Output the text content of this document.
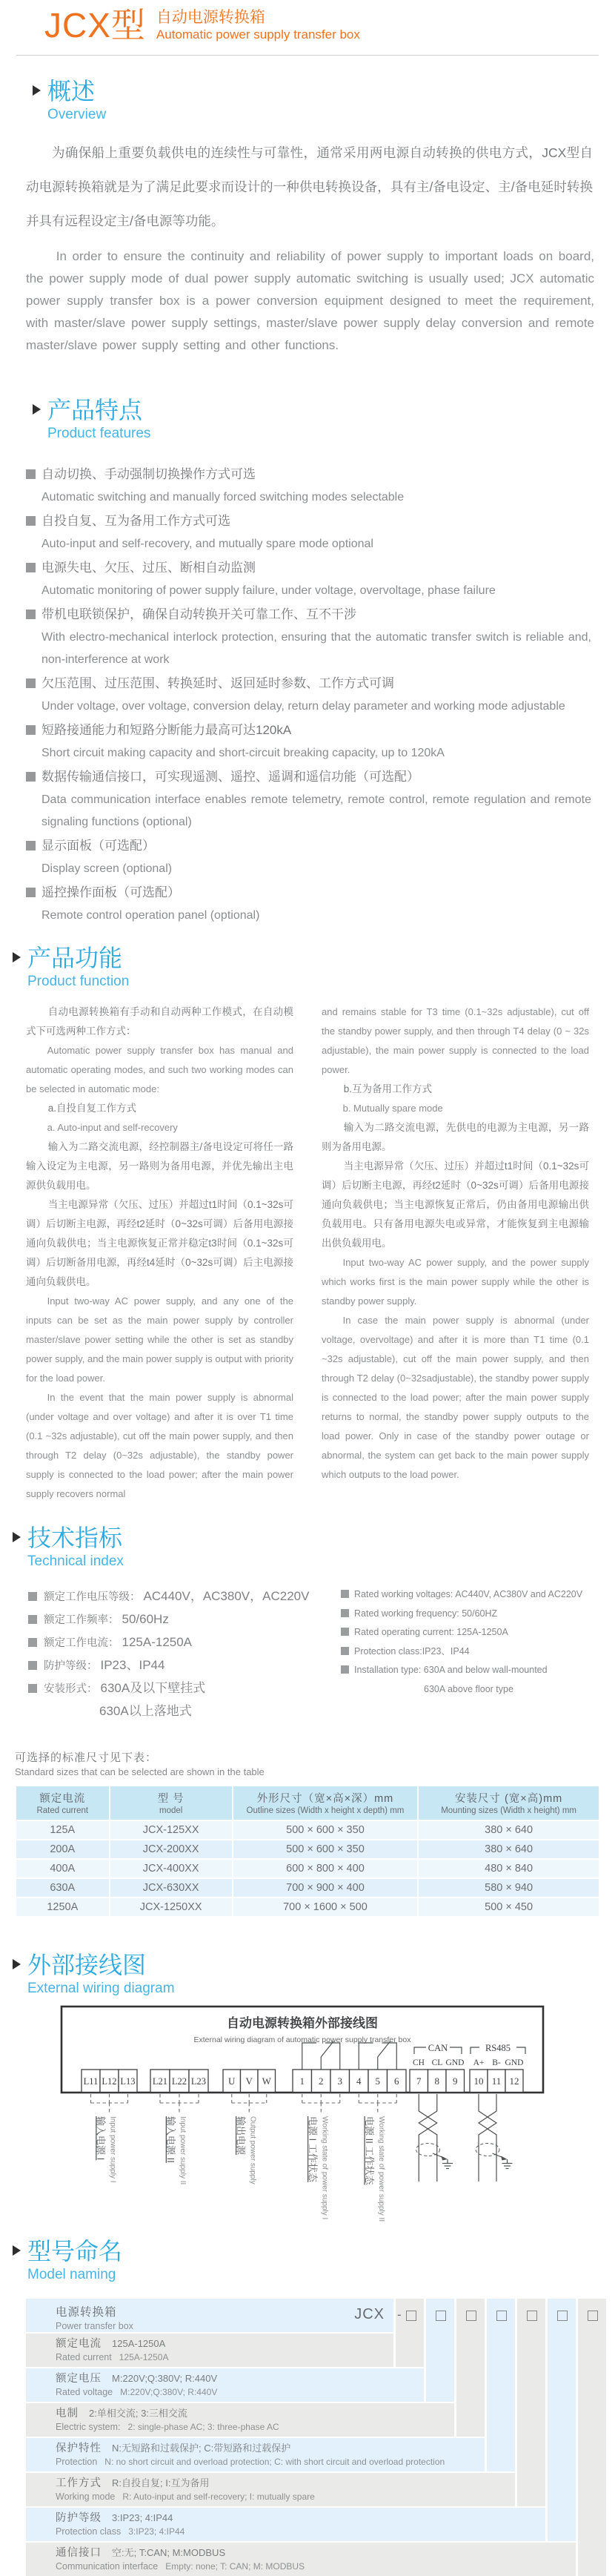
JCX型 自动电源转换箱
Automatic power supply transfer box
概述
Overview

为确保船上重要负载供电的连续性与可靠性，通常采用两电源自动转换的供电方式，JCX型自动电源转换箱就是为了满足此要求而设计的一种供电转换设备，具有主/备电设定、主/备电延时转换并具有远程设定主/备电源等功能。

In order to ensure the continuity and reliability of power supply to important loads on board, the power supply mode of dual power supply automatic switching is usually used; JCX automatic power supply transfer box is a power conversion equipment designed to meet the requirement, with master/slave power supply settings, master/slave power supply delay conversion and remote master/slave power supply setting and other functions.

产品特点
Product features
自动切换、手动强制切换操作方式可选
Automatic switching and manually forced switching modes selectable
自投自复、互为备用工作方式可选
Auto-input and self-recovery, and mutually spare mode optional
电源失电、欠压、过压、断相自动监测
Automatic monitoring of power supply failure, under voltage, overvoltage, phase failure
带机电联锁保护，确保自动转换开关可靠工作、互不干涉
With electro-mechanical interlock protection, ensuring that the automatic transfer switch is reliable and, non-interference at work
欠压范围、过压范围、转换延时、返回延时参数、工作方式可调
Under voltage, over voltage, conversion delay, return delay parameter and working mode adjustable
短路接通能力和短路分断能力最高可达120kA
Short circuit making capacity and short-circuit breaking capacity, up to 120kA
数据传输通信接口，可实现遥测、遥控、遥调和遥信功能（可选配）
Data communication interface enables remote telemetry, remote control, remote regulation and remote signaling functions (optional)
显示面板（可选配）
Display screen (optional)
遥控操作面板（可选配）
Remote control operation panel (optional)
产品功能
Product function

自动电源转换箱有手动和自动两种工作模式，在自动模式下可选两种工作方式：

Automatic power supply transfer box has manual and automatic operating modes, and such two working modes can be selected in automatic mode:

a.自投自复工作方式

a. Auto-input and self-recovery

输入为二路交流电源，经控制器主/备电设定可将任一路输入设定为主电源，另一路则为备用电源，并优先输出主电源供负载用电。

当主电源异常（欠压、过压）并超过t1时间（0.1~32s可调）后切断主电源，再经t2延时（0~32s可调）后备用电源接通向负载供电；当主电源恢复正常并稳定t3时间（0.1~32s可调）后切断备用电源，再经t4延时（0~32s可调）后主电源接通向负载供电。

Input two-way AC power supply, and any one of the inputs can be set as the main power supply by controller master/slave power setting while the other is set as standby power supply, and the main power supply is output with priority for the load power.

In the event that the main power supply is abnormal (under voltage and over voltage) and after it is over T1 time (0.1 ~32s adjustable), cut off the main power supply, and then through T2 delay (0~32s adjustable), the standby power supply is connected to the load power; after the main power supply recovers normal

and remains stable for T3 time (0.1~32s adjustable), cut off the standby power supply, and then through T4 delay (0 ~ 32s adjustable), the main power supply is connected to the load power.

b.互为备用工作方式

b. Mutually spare mode

输入为二路交流电源，先供电的电源为主电源，另一路则为备用电源。

当主电源异常（欠压、过压）并超过t1时间（0.1~32s可调）后切断主电源，再经t2延时（0~32s可调）后备用电源接通向负载供电；当主电源恢复正常后，仍由备用电源输出供负载用电。只有备用电源失电或异常，才能恢复到主电源输出供负载用电。

Input two-way AC power supply, and the power supply which works first is the main power supply while the other is standby power supply.

In case the main power supply is abnormal (under voltage, overvoltage) and after it is more than T1 time (0.1 ~32s adjustable), cut off the main power supply, and then through T2 delay (0~32sadjustable), the standby power supply is connected to the load power; after the main power supply returns to normal, the standby power supply outputs to the load power. Only in case of the standby power outage or abnormal, the system can get back to the main power supply which outputs to the load power.

技术指标
Technical index
额定工作电压等级： AC440V，AC380V，AC220V
额定工作频率： 50/60Hz
额定工作电流： 125A-1250A
防护等级： IP23、IP44
安装形式： 630A及以下壁挂式
630A以上落地式
Rated working voltages: AC440V, AC380V and AC220V
Rated working frequency: 50/60HZ
Rated operating current: 125A-1250A
Protection class:IP23、IP44
Installation type: 630A and below wall-mounted
630A above floor type
可选择的标准尺寸见下表：
Standard sizes that can be selected are shown in the table
额定电流
Rated current

型 号
model

外形尺寸（宽×高×深）mm
Outline sizes (Width x height x depth) mm

安装尺寸 (宽×高)mm
Mounting sizes (Width x height) mm

125A	JCX-125XX	500 × 600 × 350	380 × 640
200A	JCX-200XX	500 × 600 × 350	380 × 640
400A	JCX-400XX	600 × 800 × 400	480 × 840
630A	JCX-630XX	700 × 900 × 400	580 × 940
1250A	JCX-1250XX	700 × 1600 × 500	500 × 450
外部接线图
External wiring diagram
自动电源转换箱外部接线图
External wiring diagram of automatic power supply transfer box
CAN	RS485
CH CL GND A+ B- GND
L11 L12 L13 L21 L22 L23 U V W	1 2 3 4 5 6 7 8 9 10 11 12
输入电源 I Input power supply I	输入电源 II Input power supply II	输出电源 Output power supply	电源 I 工作状态 Working state of power supply I	电源 II 工作状态 Working state of power supply II
型号命名
Model naming
电源转换箱
Power transfer box
JCX
额定电流 125A-1250A
Rated current 125A-1250A
额定电压 M:220V;Q:380V; R:440V
Rated voltage M:220V;Q:380V; R:440V
电制 2:单相交流; 3:三相交流
Electric system: 2: single-phase AC; 3: three-phase AC
保护特性 N:无短路和过载保护; C:带短路和过载保护
Protection N: no short circuit and overload protection; C: with short circuit and overload protection
工作方式 R:自投自复; I:互为备用
Working mode R: Auto-input and self-recovery; I: mutually spare
防护等级 3:IP23; 4:IP44
Protection class 3:IP23; 4:IP44
通信接口 空:无; T:CAN; M:MODBUS
Communication interface Empty: none; T: CAN; M: MODBUS
-
